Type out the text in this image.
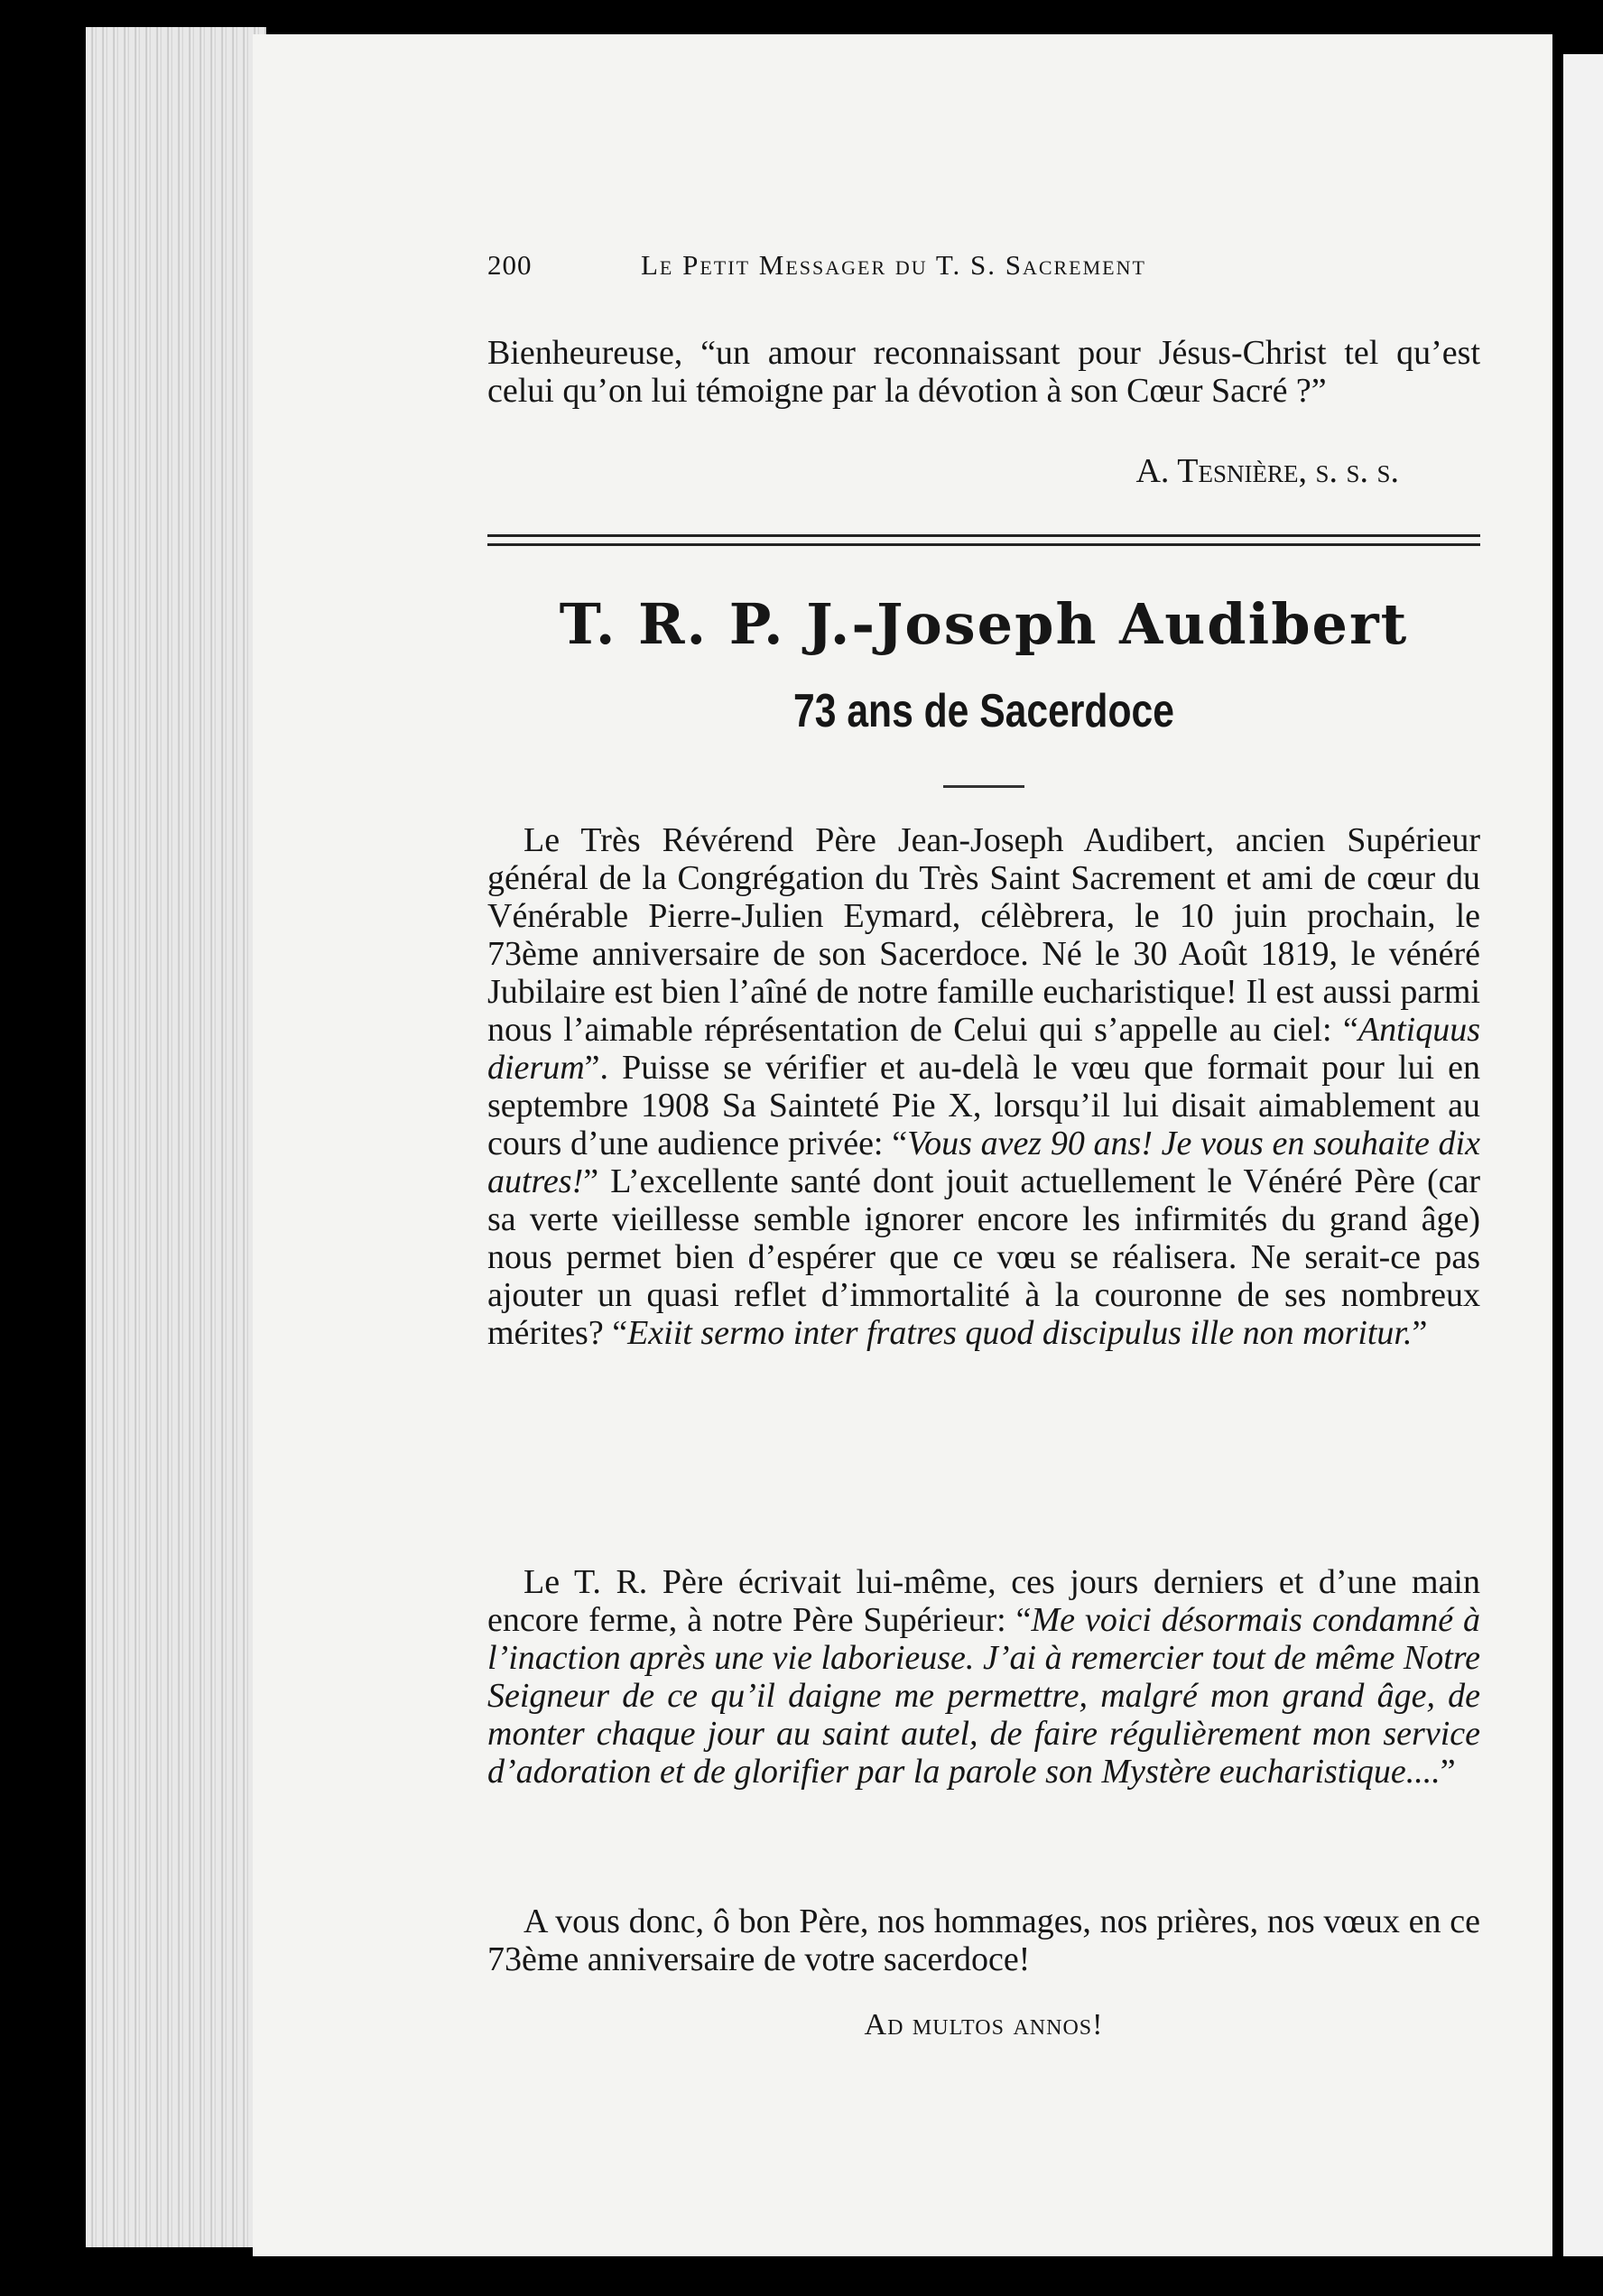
200	Le Petit Messager du T. S. Sacrement
Bienheureuse, “un amour reconnaissant pour Jésus-Christ tel qu’est celui qu’on lui témoigne par la dévotion à son Cœur Sacré ?”
A. Tesnière, s. s. s.
T. R. P. J.-Joseph Audibert
73 ans de Sacerdoce
Le Très Révérend Père Jean-Joseph Audibert, ancien Supérieur général de la Congrégation du Très Saint Sacrement et ami de cœur du Vénérable Pierre-Julien Eymard, célèbrera, le 10 juin prochain, le 73ème anniversaire de son Sacerdoce. Né le 30 Août 1819, le vénéré Jubilaire est bien l’aîné de notre famille eucharistique! Il est aussi parmi nous l’aimable réprésentation de Celui qui s’appelle au ciel: “Antiquus dierum”. Puisse se vérifier et au-delà le vœu que formait pour lui en septembre 1908 Sa Sainteté Pie X, lorsqu’il lui disait aimablement au cours d’une audience privée: “Vous avez 90 ans! Je vous en souhaite dix autres!” L’excellente santé dont jouit actuellement le Vénéré Père (car sa verte vieillesse semble ignorer encore les infirmités du grand âge) nous permet bien d’espérer que ce vœu se réalisera. Ne serait-ce pas ajouter un quasi reflet d’immortalité à la couronne de ses nombreux mérites? “Exiit sermo inter fratres quod discipulus ille non moritur.”
Le T. R. Père écrivait lui-même, ces jours derniers et d’une main encore ferme, à notre Père Supérieur: “Me voici désormais condamné à l’inaction après une vie laborieuse. J’ai à remercier tout de même Notre Seigneur de ce qu’il daigne me permettre, malgré mon grand âge, de monter chaque jour au saint autel, de faire régulièrement mon service d’adoration et de glorifier par la parole son Mystère eucharistique....”
A vous donc, ô bon Père, nos hommages, nos prières, nos vœux en ce 73ème anniversaire de votre sacerdoce!
Ad multos annos!
